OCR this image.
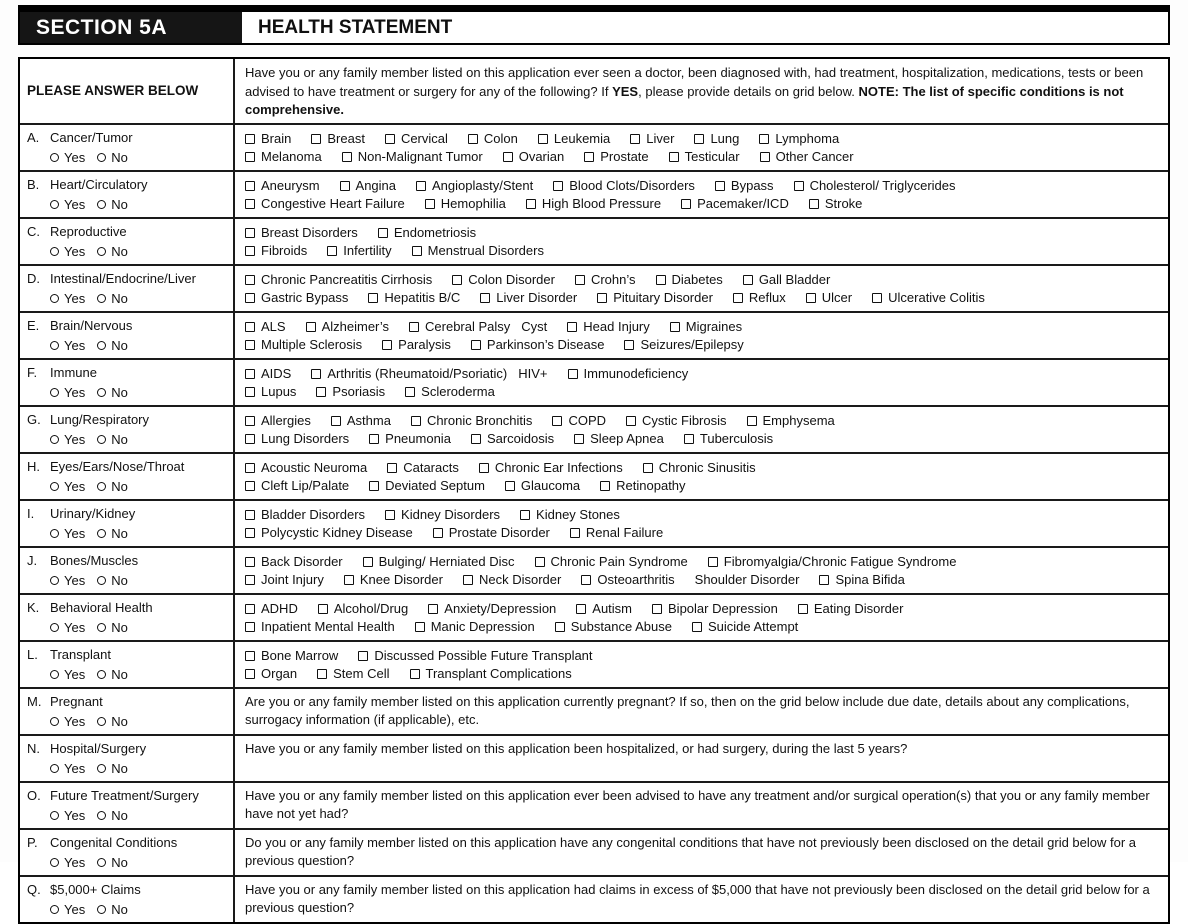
SECTION 5A	HEALTH STATEMENT
PLEASE ANSWER BELOW
Have you or any family member listed on this application ever seen a doctor, been diagnosed with, had treatment, hospitalization, medications, tests or been advised to have treatment or surgery for any of the following? If YES, please provide details on grid below. NOTE: The list of specific conditions is not comprehensive.
A. Cancer/Tumor
Yes No
Brain	Breast	Cervical	Colon	Leukemia	Liver	Lung	Lymphoma
Melanoma	Non-Malignant Tumor	Ovarian	Prostate	Testicular	Other Cancer
B. Heart/Circulatory
Yes No
Aneurysm	Angina	Angioplasty/Stent	Blood Clots/Disorders	Bypass	Cholesterol/ Triglycerides
Congestive Heart Failure	Hemophilia	High Blood Pressure	Pacemaker/ICD	Stroke
C. Reproductive
Yes No
Breast Disorders	Endometriosis
Fibroids	Infertility	Menstrual Disorders
D. Intestinal/Endocrine/Liver
Yes No
Chronic Pancreatitis Cirrhosis	Colon Disorder	Crohn’s	Diabetes	Gall Bladder
Gastric Bypass	Hepatitis B/C	Liver Disorder	Pituitary Disorder	Reflux	Ulcer	Ulcerative Colitis
E. Brain/Nervous
Yes No
ALS	Alzheimer’s	Cerebral Palsy Cyst	Head Injury	Migraines
Multiple Sclerosis	Paralysis	Parkinson’s Disease	Seizures/Epilepsy
F. Immune
Yes No
AIDS	Arthritis (Rheumatoid/Psoriatic) HIV+	Immunodeficiency
Lupus	Psoriasis	Scleroderma
G. Lung/Respiratory
Yes No
Allergies	Asthma	Chronic Bronchitis	COPD	Cystic Fibrosis	Emphysema
Lung Disorders	Pneumonia	Sarcoidosis	Sleep Apnea	Tuberculosis
H. Eyes/Ears/Nose/Throat
Yes No
Acoustic Neuroma	Cataracts	Chronic Ear Infections	Chronic Sinusitis
Cleft Lip/Palate	Deviated Septum	Glaucoma	Retinopathy
I.	Urinary/Kidney
Yes No
Bladder Disorders	Kidney Disorders	Kidney Stones
Polycystic Kidney Disease	Prostate Disorder	Renal Failure
J. Bones/Muscles
Yes No
Back Disorder	Bulging/ Herniated Disc	Chronic Pain Syndrome	Fibromyalgia/Chronic Fatigue Syndrome
Joint Injury	Knee Disorder	Neck Disorder	Osteoarthritis Shoulder Disorder	Spina Bifida
K. Behavioral Health
Yes No
ADHD	Alcohol/Drug	Anxiety/Depression	Autism	Bipolar Depression	Eating Disorder
Inpatient Mental Health	Manic Depression	Substance Abuse	Suicide Attempt
L. Transplant
Yes No
Bone Marrow	Discussed Possible Future Transplant
Organ	Stem Cell	Transplant Complications
M. Pregnant
Yes No
Are you or any family member listed on this application currently pregnant? If so, then on the grid below include due date, details about any complications, surrogacy information (if applicable), etc.
N. Hospital/Surgery
Yes No
Have you or any family member listed on this application been hospitalized, or had surgery, during the last 5 years?
O. Future Treatment/Surgery
Yes No
Have you or any family member listed on this application ever been advised to have any treatment and/or surgical operation(s) that you or any family member have not yet had?
P. Congenital Conditions
Yes No
Do you or any family member listed on this application have any congenital conditions that have not previously been disclosed on the detail grid below for a previous question?
Q. $5,000+ Claims
Yes No
Have you or any family member listed on this application had claims in excess of $5,000 that have not previously been disclosed on the detail grid below for a previous question?
